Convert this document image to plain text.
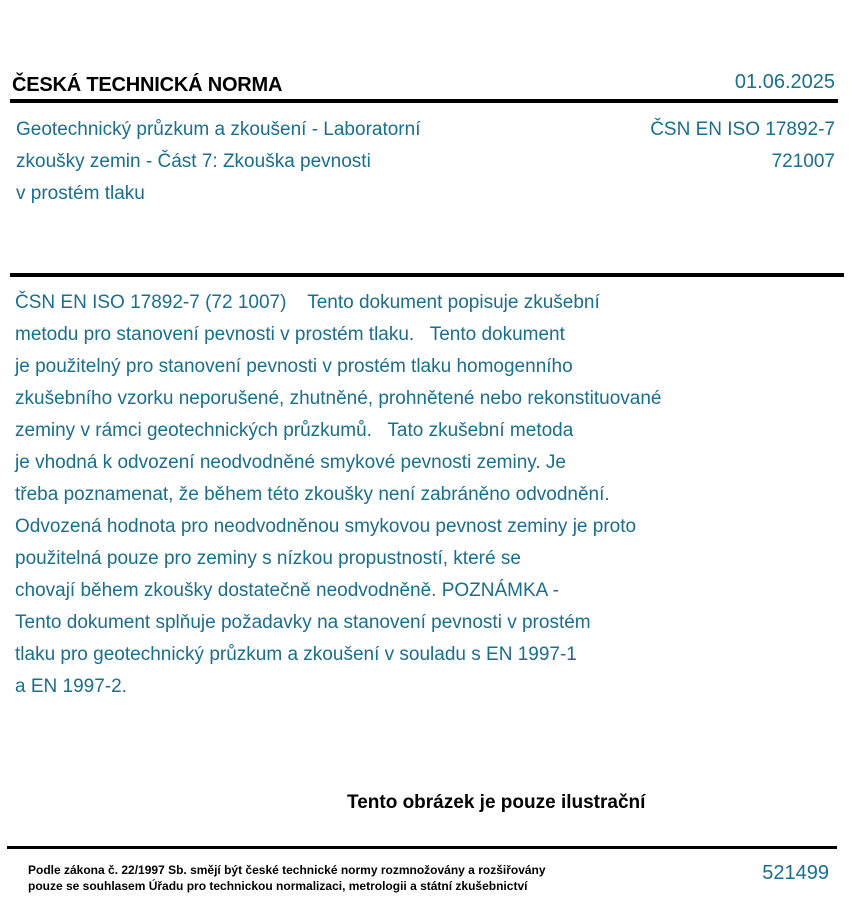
ČESKÁ TECHNICKÁ NORMA	01.06.2025
Geotechnický průzkum a zkoušení - Laboratorní
zkoušky zemin - Část 7: Zkouška pevnosti
v prostém tlaku
ČSN EN ISO 17892-7
721007
ČSN EN ISO 17892-7 (72 1007)    Tento dokument popisuje zkušební
metodu pro stanovení pevnosti v prostém tlaku.   Tento dokument
je použitelný pro stanovení pevnosti v prostém tlaku homogenního
zkušebního vzorku neporušené, zhutněné, prohnětené nebo rekonstituované
zeminy v rámci geotechnických průzkumů.   Tato zkušební metoda
je vhodná k odvození neodvodněné smykové pevnosti zeminy. Je
třeba poznamenat, že během této zkoušky není zabráněno odvodnění.
Odvozená hodnota pro neodvodněnou smykovou pevnost zeminy je proto
použitelná pouze pro zeminy s nízkou propustností, které se
chovají během zkoušky dostatečně neodvodněně. POZNÁMKA -
Tento dokument splňuje požadavky na stanovení pevnosti v prostém
tlaku pro geotechnický průzkum a zkoušení v souladu s EN 1997-1
a EN 1997-2.
Tento obrázek je pouze ilustrační
Podle zákona č. 22/1997 Sb. smějí být české technické normy rozmnožovány a rozšiřovány
pouze se souhlasem Úřadu pro technickou normalizaci, metrologii a státní zkušebnictví
521499
